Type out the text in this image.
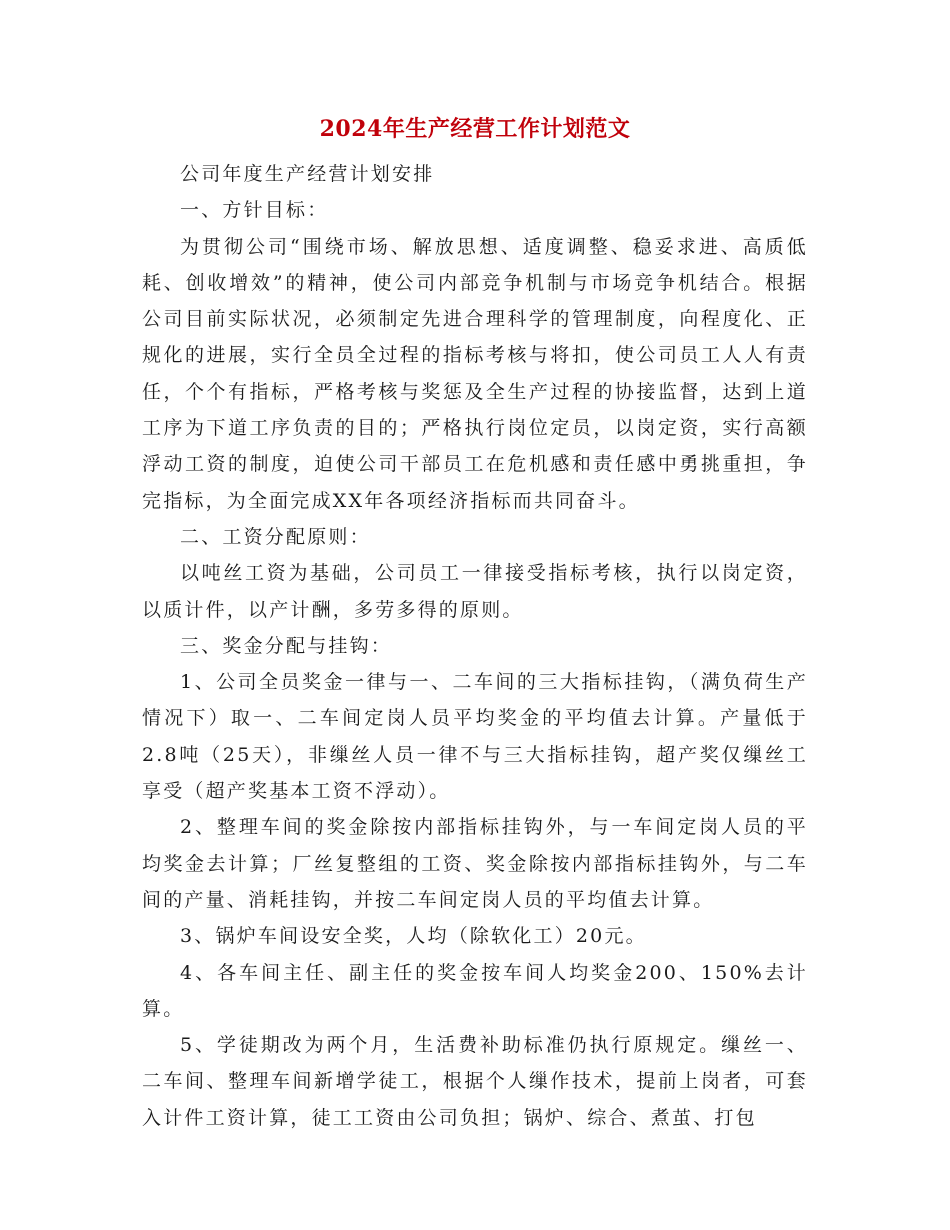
2024年生产经营工作计划范文

公司年度生产经营计划安排

一、方针目标：

为贯彻公司“围绕市场、解放思想、适度调整、稳妥求进、高质低耗、创收增效”的精神，使公司内部竞争机制与市场竞争机结合。根据公司目前实际状况，必须制定先进合理科学的管理制度，向程度化、正规化的进展，实行全员全过程的指标考核与将扣，使公司员工人人有责任，个个有指标，严格考核与奖惩及全生产过程的协接监督，达到上道工序为下道工序负责的目的；严格执行岗位定员，以岗定资，实行高额浮动工资的制度，迫使公司干部员工在危机感和责任感中勇挑重担，争完指标，为全面完成XX年各项经济指标而共同奋斗。

二、工资分配原则：

以吨丝工资为基础，公司员工一律接受指标考核，执行以岗定资，以质计件，以产计酬，多劳多得的原则。

三、奖金分配与挂钩：

1、公司全员奖金一律与一、二车间的三大指标挂钩，（满负荷生产情况下）取一、二车间定岗人员平均奖金的平均值去计算。产量低于2.8吨（25天），非缫丝人员一律不与三大指标挂钩，超产奖仅缫丝工享受（超产奖基本工资不浮动）。

2、整理车间的奖金除按内部指标挂钩外，与一车间定岗人员的平均奖金去计算；厂丝复整组的工资、奖金除按内部指标挂钩外，与二车间的产量、消耗挂钩，并按二车间定岗人员的平均值去计算。

3、锅炉车间设安全奖，人均（除软化工）20元。

4、各车间主任、副主任的奖金按车间人均奖金200、150%去计算。

5、学徒期改为两个月，生活费补助标准仍执行原规定。缫丝一、二车间、整理车间新增学徒工，根据个人缫作技术，提前上岗者，可套入计件工资计算，徒工工资由公司负担；锅炉、综合、煮茧、打包
